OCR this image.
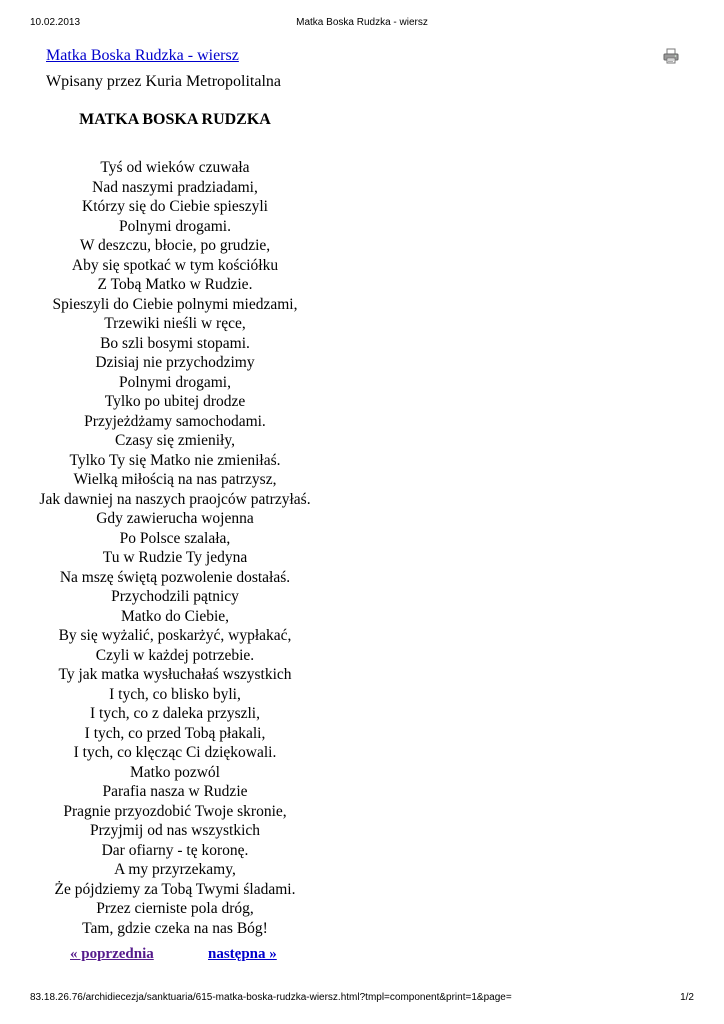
10.02.2013	Matka Boska Rudzka - wiersz
Matka Boska Rudzka - wiersz
Wpisany przez Kuria Metropolitalna
MATKA BOSKA RUDZKA
Tyś od wieków czuwała
Nad naszymi pradziadami,
Którzy się do Ciebie spieszyli
Polnymi drogami.
W deszczu, błocie, po grudzie,
Aby się spotkać w tym kościółku
Z Tobą Matko w Rudzie.
Spieszyli do Ciebie polnymi miedzami,
Trzewiki nieśli w ręce,
Bo szli bosymi stopami.
Dzisiaj nie przychodzimy
Polnymi drogami,
Tylko po ubitej drodze
Przyjeżdżamy samochodami.
Czasy się zmieniły,
Tylko Ty się Matko nie zmieniłaś.
Wielką miłością na nas patrzysz,
Jak dawniej na naszych praojców patrzyłaś.
Gdy zawierucha wojenna
Po Polsce szalała,
Tu w Rudzie Ty jedyna
Na mszę świętą pozwolenie dostałaś.
Przychodzili pątnicy
Matko do Ciebie,
By się wyżalić, poskarżyć, wypłakać,
Czyli w każdej potrzebie.
Ty jak matka wysłuchałaś wszystkich
I tych, co blisko byli,
I tych, co z daleka przyszli,
I tych, co przed Tobą płakali,
I tych, co klęcząc Ci dziękowali.
Matko pozwól
Parafia nasza w Rudzie
Pragnie przyozdobić Twoje skronie,
Przyjmij od nas wszystkich
Dar ofiarny - tę koronę.
A my przyrzekamy,
Że pójdziemy za Tobą Twymi śladami.
Przez cierniste pola dróg,
Tam, gdzie czeka na nas Bóg!
« poprzednia	następna »
83.18.26.76/archidiecezja/sanktuaria/615-matka-boska-rudzka-wiersz.html?tmpl=component&print=1&page=	1/2
